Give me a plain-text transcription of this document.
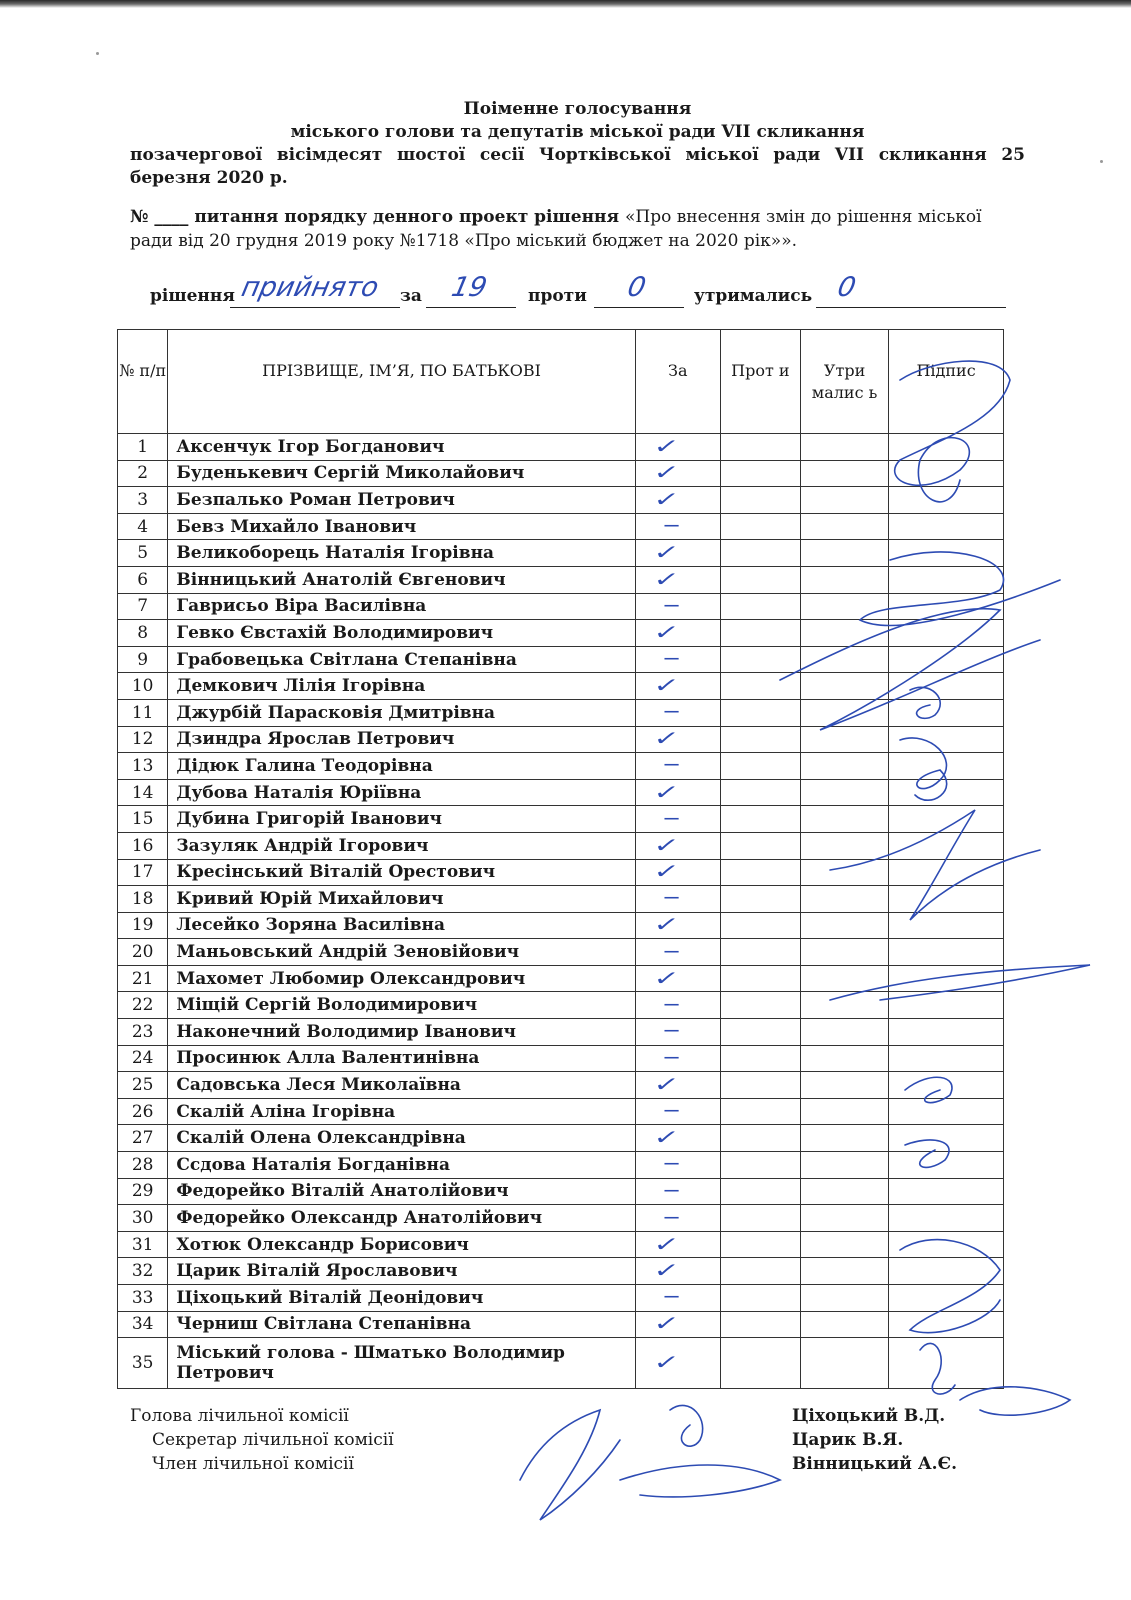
Поіменне голосування
міського голови та депутатів міської ради VII скликання
позачергової вісімдесят шостої сесії Чортківської міської ради VII скликання 25 березня 2020 р.
№ ____ питання порядку денного проект рішення «Про внесення змін до рішення міської ради від 20 грудня 2019 року №1718 «Про міський бюджет на 2020 рік»».
рішення прийнято за 19 проти 0	утримались 0
№ п/п	ПРІЗВИЩЕ, ІМ’Я, ПО БАТЬКОВІ	За	Прот и	Утри малис ь	Підпис
1	Аксенчук Ігор Богданович	✓			
2	Буденькевич Сергій Миколайович	✓			
3	Безпалько Роман Петрович	✓			
4	Бевз Михайло Іванович	–			
5	Великоборець Наталія Ігорівна	✓			
6	Вінницький Анатолій Євгенович	✓			
7	Гаврисьо Віра Василівна	–			
8	Гевко Євстахій Володимирович	✓			
9	Грабовецька Світлана Степанівна	–			
10	Демкович Лілія Ігорівна	✓			
11	Джурбій Парасковія Дмитрівна	–			
12	Дзиндра Ярослав Петрович	✓			
13	Дідюк Галина Теодорівна	–			
14	Дубова Наталія Юріївна	✓			
15	Дубина Григорій Іванович	–			
16	Зазуляк Андрій Ігорович	✓			
17	Кресінський Віталій Орестович	✓			
18	Кривий Юрій Михайлович	–			
19	Лесейко Зоряна Василівна	✓			
20	Маньовський Андрій Зеновійович	–			
21	Махомет Любомир Олександрович	✓			
22	Міщій Сергій Володимирович	–			
23	Наконечний Володимир Іванович	–			
24	Просинюк Алла Валентинівна	–			
25	Садовська Леся Миколаївна	✓			
26	Скалій Аліна Ігорівна	–			
27	Скалій Олена Олександрівна	✓			
28	Ссдова Наталія Богданівна	–			
29	Федорейко Віталій Анатолійович	–			
30	Федорейко Олександр Анатолійович	–			
31	Хотюк Олександр Борисович	✓			
32	Царик Віталій Ярославович	✓			
33	Ціхоцький Віталій Деонідович	–			
34	Черниш Світлана Степанівна	✓			
35	Міський голова - Шматько Володимир Петрович	✓			
Голова лічильної комісії	Ціхоцький В.Д.
Секретар лічильної комісії	Царик В.Я.
Член лічильної комісії	Вінницький А.Є.
